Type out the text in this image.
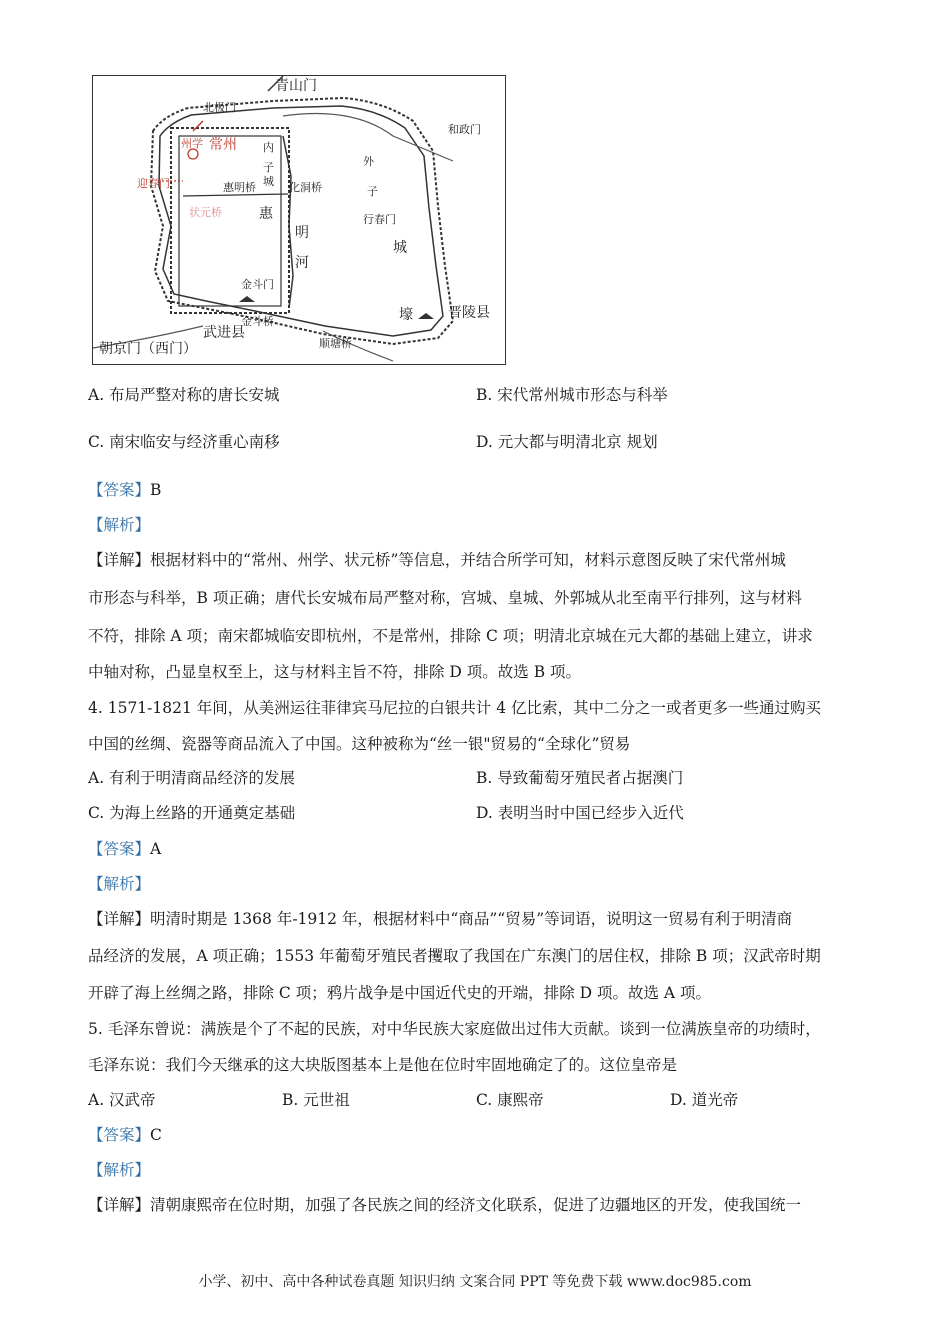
青山门
北极门
和政门
州学 常州 内
子
城
外
子
迎春门	惠明桥	化洞桥
状元桥	惠
明
河
行春门
城
壕
金斗门
金斗桥
武进县
晋陵县
朝京门（西门）	顺塘桥
A. 布局严整对称的唐长安城	B. 宋代常州城市形态与科举
C. 南宋临安与经济重心南移	D. 元大都与明清北京 规划
【答案】B
【解析】
【详解】根据材料中的“常州、州学、状元桥”等信息，并结合所学可知，材料示意图反映了宋代常州城
市形态与科举，B 项正确；唐代长安城布局严整对称，宫城、皇城、外郭城从北至南平行排列，这与材料
不符，排除 A 项；南宋都城临安即杭州，不是常州，排除 C 项；明清北京城在元大都的基础上建立，讲求
中轴对称，凸显皇权至上，这与材料主旨不符，排除 D 项。故选 B 项。
4. 1571-1821 年间，从美洲运往菲律宾马尼拉的白银共计 4 亿比索，其中二分之一或者更多一些通过购买
中国的丝绸、瓷器等商品流入了中国。这种被称为“丝一银"贸易的“全球化”贸易
A. 有利于明清商品经济的发展	B. 导致葡萄牙殖民者占据澳门
C. 为海上丝路的开通奠定基础	D. 表明当时中国已经步入近代
【答案】A
【解析】
【详解】明清时期是 1368 年-1912 年，根据材料中“商品”“贸易”等词语，说明这一贸易有利于明清商
品经济的发展，A 项正确；1553 年葡萄牙殖民者攫取了我国在广东澳门的居住权，排除 B 项；汉武帝时期
开辟了海上丝绸之路，排除 C 项；鸦片战争是中国近代史的开端，排除 D 项。故选 A 项。
5. 毛泽东曾说：满族是个了不起的民族，对中华民族大家庭做出过伟大贡献。谈到一位满族皇帝的功绩时，
毛泽东说：我们今天继承的这大块版图基本上是他在位时牢固地确定了的。这位皇帝是
A. 汉武帝	B. 元世祖	C. 康熙帝	D. 道光帝
【答案】C
【解析】
【详解】清朝康熙帝在位时期，加强了各民族之间的经济文化联系，促进了边疆地区的开发，使我国统一
小学、初中、高中各种试卷真题 知识归纳 文案合同 PPT 等免费下载 www.doc985.com
